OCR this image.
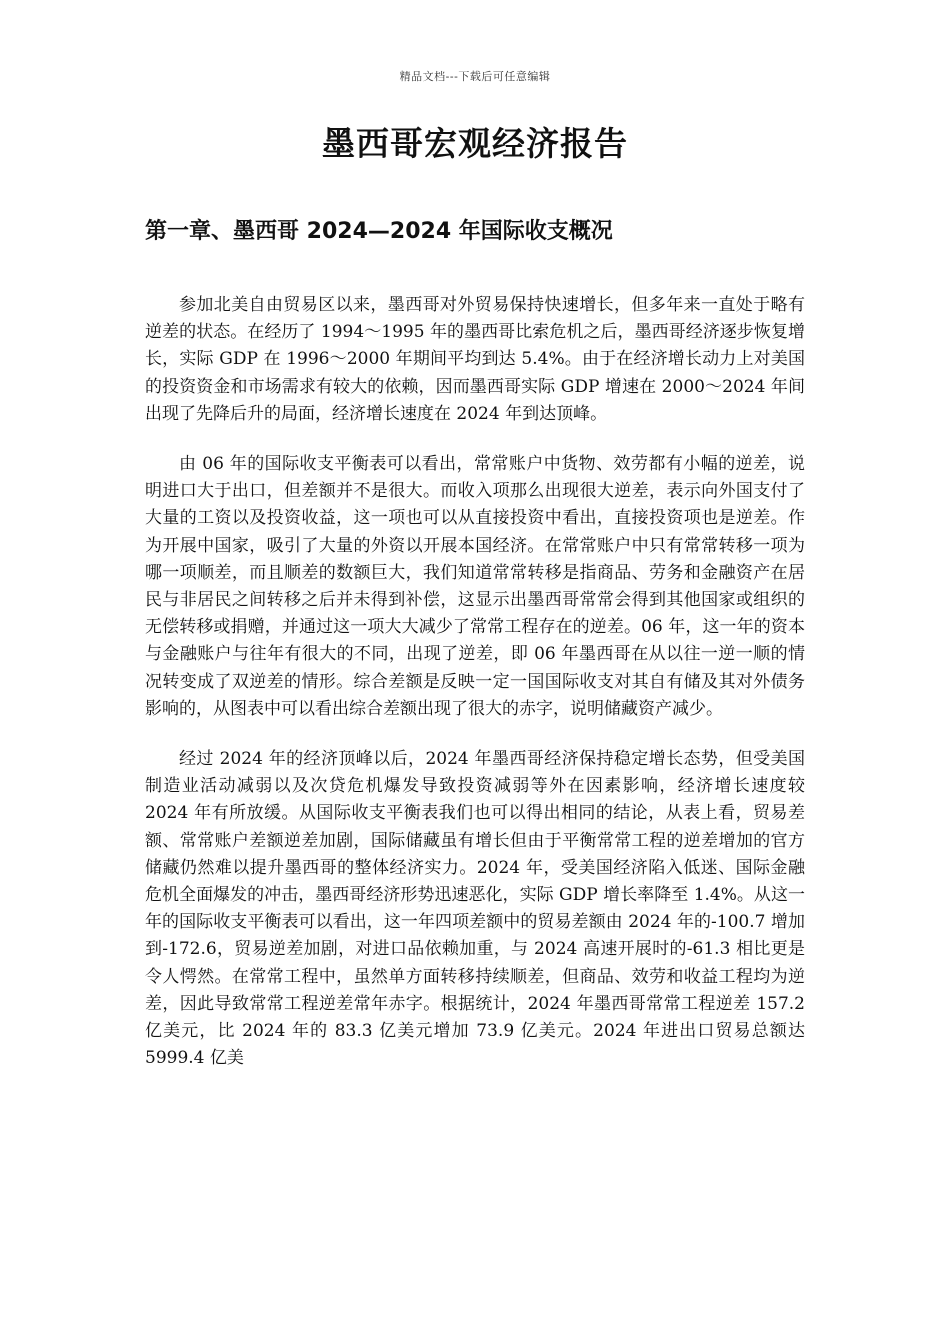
精品文档---下载后可任意编辑
墨西哥宏观经济报告
第一章、墨西哥 2024—2024 年国际收支概况

参加北美自由贸易区以来，墨西哥对外贸易保持快速增长，但多年来一直处于略有逆差的状态。在经历了 1994～1995 年的墨西哥比索危机之后，墨西哥经济逐步恢复增长，实际 GDP 在 1996～2000 年期间平均到达 5.4%。由于在经济增长动力上对美国的投资资金和市场需求有较大的依赖，因而墨西哥实际 GDP 增速在 2000～2024 年间出现了先降后升的局面，经济增长速度在 2024 年到达顶峰。

由 06 年的国际收支平衡表可以看出，常常账户中货物、效劳都有小幅的逆差，说明进口大于出口，但差额并不是很大。而收入项那么出现很大逆差，表示向外国支付了大量的工资以及投资收益，这一项也可以从直接投资中看出，直接投资项也是逆差。作为开展中国家，吸引了大量的外资以开展本国经济。在常常账户中只有常常转移一项为哪一项顺差，而且顺差的数额巨大，我们知道常常转移是指商品、劳务和金融资产在居民与非居民之间转移之后并未得到补偿，这显示出墨西哥常常会得到其他国家或组织的无偿转移或捐赠，并通过这一项大大减少了常常工程存在的逆差。06 年，这一年的资本与金融账户与往年有很大的不同，出现了逆差，即 06 年墨西哥在从以往一逆一顺的情况转变成了双逆差的情形。综合差额是反映一定一国国际收支对其自有储及其对外债务影响的，从图表中可以看出综合差额出现了很大的赤字，说明储藏资产减少。

经过 2024 年的经济顶峰以后，2024 年墨西哥经济保持稳定增长态势，但受美国制造业活动减弱以及次贷危机爆发导致投资减弱等外在因素影响，经济增长速度较 2024 年有所放缓。从国际收支平衡表我们也可以得出相同的结论，从表上看，贸易差额、常常账户差额逆差加剧，国际储藏虽有增长但由于平衡常常工程的逆差增加的官方储藏仍然难以提升墨西哥的整体经济实力。2024 年，受美国经济陷入低迷、国际金融危机全面爆发的冲击，墨西哥经济形势迅速恶化，实际 GDP 增长率降至 1.4%。从这一年的国际收支平衡表可以看出，这一年四项差额中的贸易差额由 2024 年的-100.7 增加到-172.6，贸易逆差加剧，对进口品依赖加重，与 2024 高速开展时的-61.3 相比更是令人愕然。在常常工程中，虽然单方面转移持续顺差，但商品、效劳和收益工程均为逆差，因此导致常常工程逆差常年赤字。根据统计，2024 年墨西哥常常工程逆差 157.2 亿美元，比 2024 年的 83.3 亿美元增加 73.9 亿美元。2024 年进出口贸易总额达 5999.4 亿美
